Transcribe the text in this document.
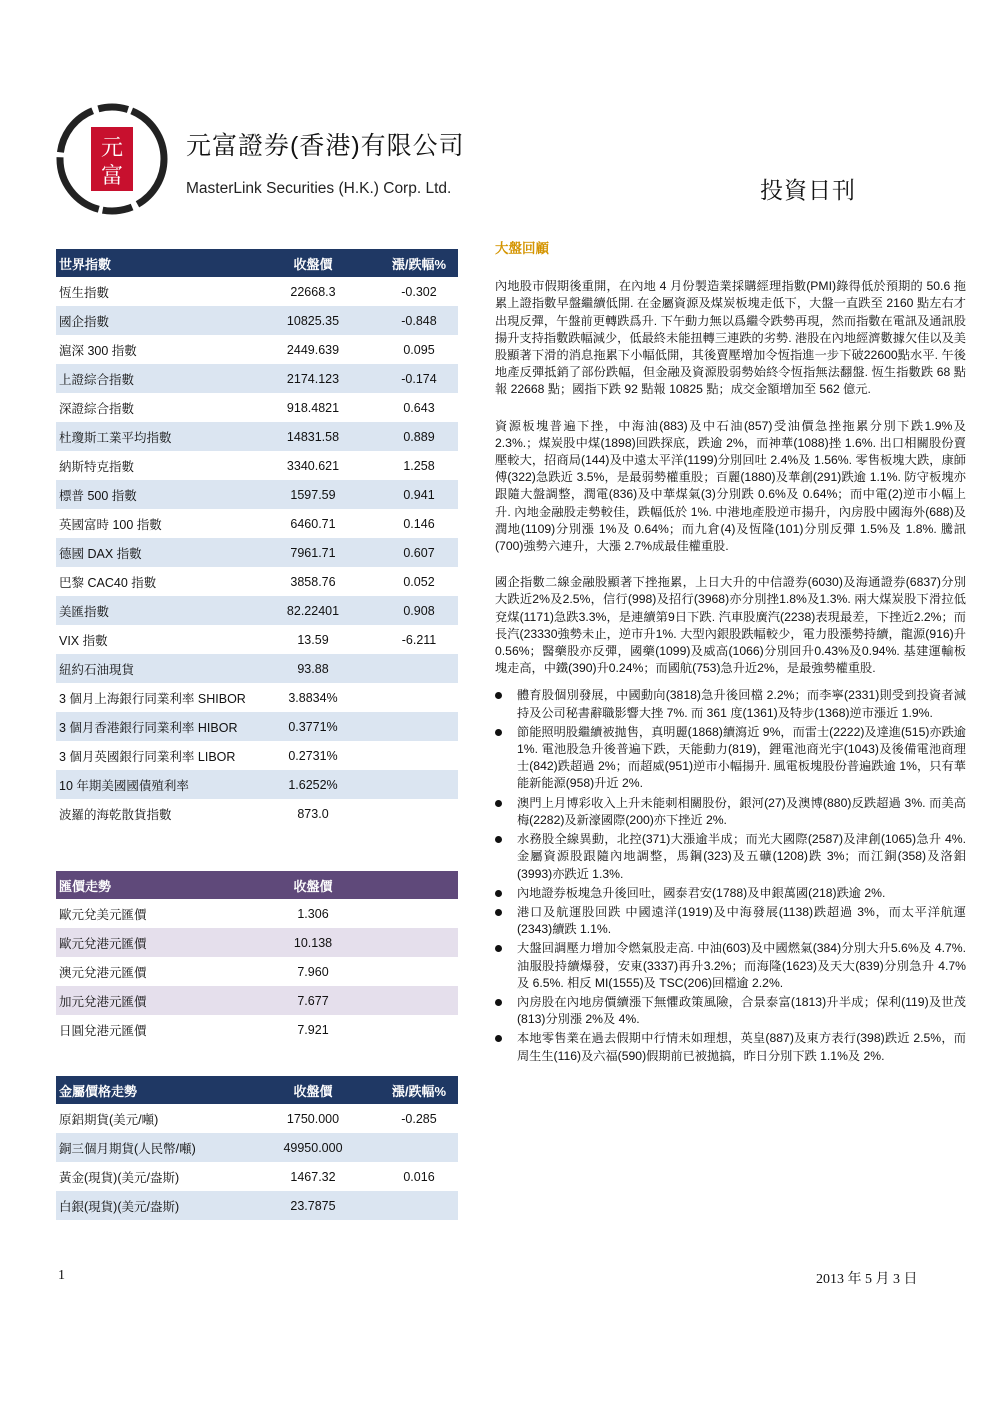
元
富
元富證券(香港)有限公司
MasterLink Securities (H.K.) Corp. Ltd.	投資日刊
世界指數	收盤價	漲/跌幅%
恆生指數	22668.3	-0.302
國企指數	10825.35	-0.848
滬深 300 指數	2449.639	0.095
上證綜合指數	2174.123	-0.174
深證綜合指數	918.4821	0.643
杜瓊斯工業平均指數	14831.58	0.889
納斯特克指數	3340.621	1.258
標普 500 指數	1597.59	0.941
英國富時 100 指數	6460.71	0.146
德國 DAX 指數	7961.71	0.607
巴黎 CAC40 指數	3858.76	0.052
美匯指數	82.22401	0.908
VIX 指數	13.59	-6.211
紐約石油現貨	93.88	
3 個月上海銀行同業利率 SHIBOR	3.8834%	
3 個月香港銀行同業利率 HIBOR	0.3771%	
3 個月英國銀行同業利率 LIBOR	0.2731%	
10 年期美國國債殖利率	1.6252%	
波羅的海乾散貨指數	873.0	
匯價走勢	收盤價	
歐元兌美元匯價	1.306	
歐元兌港元匯價	10.138	
澳元兌港元匯價	7.960	
加元兌港元匯價	7.677	
日圓兌港元匯價	7.921	
金屬價格走勢	收盤價	漲/跌幅%
原鋁期貨(美元/噸)	1750.000	-0.285
銅三個月期貨(人民幣/噸)	49950.000	
黃金(現貨)(美元/盎斯)	1467.32	0.016
白銀(現貨)(美元/盎斯)	23.7875	
大盤回顧
內地股市假期後重開，在內地 4 月份製造業採購經理指數(PMI)錄得低於預期的 50.6 拖累上證指數早盤繼續低開. 在金屬資源及煤炭板塊走低下，大盤一直跌至 2160 點左右才出現反彈，午盤前更轉跌爲升. 下午動力無以爲繼令跌勢再現，然而指數在電訊及通訊股揚升支持指數跌幅減少，低最終未能扭轉三連跌的劣勢. 港股在內地經濟數據欠佳以及美股顯著下滑的消息拖累下小幅低開，其後賣壓增加令恆指進一步下破22600點水平. 午後地產反彈抵銷了部份跌幅，但金融及資源股弱勢始終令恆指無法翻盤. 恆生指數跌 68 點報 22668 點；國指下跌 92 點報 10825 點；成交金額增加至 562 億元.
資源板塊普遍下挫，中海油(883)及中石油(857)受油價急挫拖累分別下跌1.9%及 2.3%.；煤炭股中煤(1898)回跌探底，跌逾 2%，而神華(1088)挫 1.6%. 出口相關股份賣壓較大，招商局(144)及中遠太平洋(1199)分別回吐 2.4%及 1.56%. 零售板塊大跌，康師傅(322)急跌近 3.5%，是最弱勢權重股；百麗(1880)及華創(291)跌逾 1.1%. 防守板塊亦跟隨大盤調整，潤電(836)及中華煤氣(3)分別跌 0.6%及 0.64%；而中電(2)逆市小幅上升. 內地金融股走勢較佳，跌幅低於 1%. 中港地產股逆市揚升，內房股中國海外(688)及潤地(1109)分別漲 1%及 0.64%；而九倉(4)及恆隆(101)分別反彈 1.5%及 1.8%. 騰訊(700)強勢六連升，大漲 2.7%成最佳權重股.
國企指數二線金融股顯著下挫拖累，上日大升的中信證券(6030)及海通證券(6837)分別大跌近2%及2.5%，信行(998)及招行(3968)亦分別挫1.8%及1.3%. 兩大煤炭股下滑拉低兗煤(1171)急跌3.3%，是連續第9日下跌. 汽車股廣汽(2238)表現最差，下挫近2.2%；而長汽(23330強勢未止，逆市升1%. 大型內銀股跌幅較少，電力股漲勢持續，龍源(916)升0.56%；醫藥股亦反彈，國藥(1099)及威高(1066)分別回升0.43%及0.94%. 基建運輸板塊走高，中鐵(390)升0.24%；而國航(753)急升近2%，是最強勢權重股.
體育股個別發展，中國動向(3818)急升後回檔 2.2%；而李寧(2331)則受到投資者減持及公司秘書辭職影響大挫 7%. 而 361 度(1361)及特步(1368)逆市漲近 1.9%.
節能照明股繼續被拋售，真明麗(1868)續瀉近 9%，而雷士(2222)及達進(515)亦跌逾 1%. 電池股急升後普遍下跌，天能動力(819)，鋰電池商光宇(1043)及後備電池商理士(842)跌超過 2%；而超威(951)逆市小幅揚升. 風電板塊股份普遍跌逾 1%，只有華能新能源(958)升近 2%.
澳門上月博彩收入上升未能刺相關股份，銀河(27)及澳博(880)反跌超過 3%. 而美高梅(2282)及新濠國際(200)亦下挫近 2%.
水務股全線異動，北控(371)大漲逾半成；而光大國際(2587)及津創(1065)急升 4%. 金屬資源股跟隨內地調整，馬鋼(323)及五礦(1208)跌 3%；而江銅(358)及洛鉬(3993)亦跌近 1.3%.
內地證券板塊急升後回吐，國泰君安(1788)及申銀萬國(218)跌逾 2%.
港口及航運股回跌 中國遠洋(1919)及中海發展(1138)跌超過 3%，而太平洋航運(2343)續跌 1.1%.
大盤回調壓力增加令燃氣股走高. 中油(603)及中國燃氣(384)分別大升5.6%及 4.7%. 油服股持續爆發，安東(3337)再升3.2%；而海隆(1623)及天大(839)分別急升 4.7%及 6.5%. 相反 MI(1555)及 TSC(206)回檔逾 2.2%.
內房股在內地房價續漲下無懼政策風險，合景泰富(1813)升半成；保利(119)及世茂(813)分別漲 2%及 4%.
本地零售業在過去假期中行情未如理想，英皇(887)及東方表行(398)跌近 2.5%，而周生生(116)及六福(590)假期前已被拋搞，昨日分別下跌 1.1%及 2%.
1	2013 年 5 月 3 日
